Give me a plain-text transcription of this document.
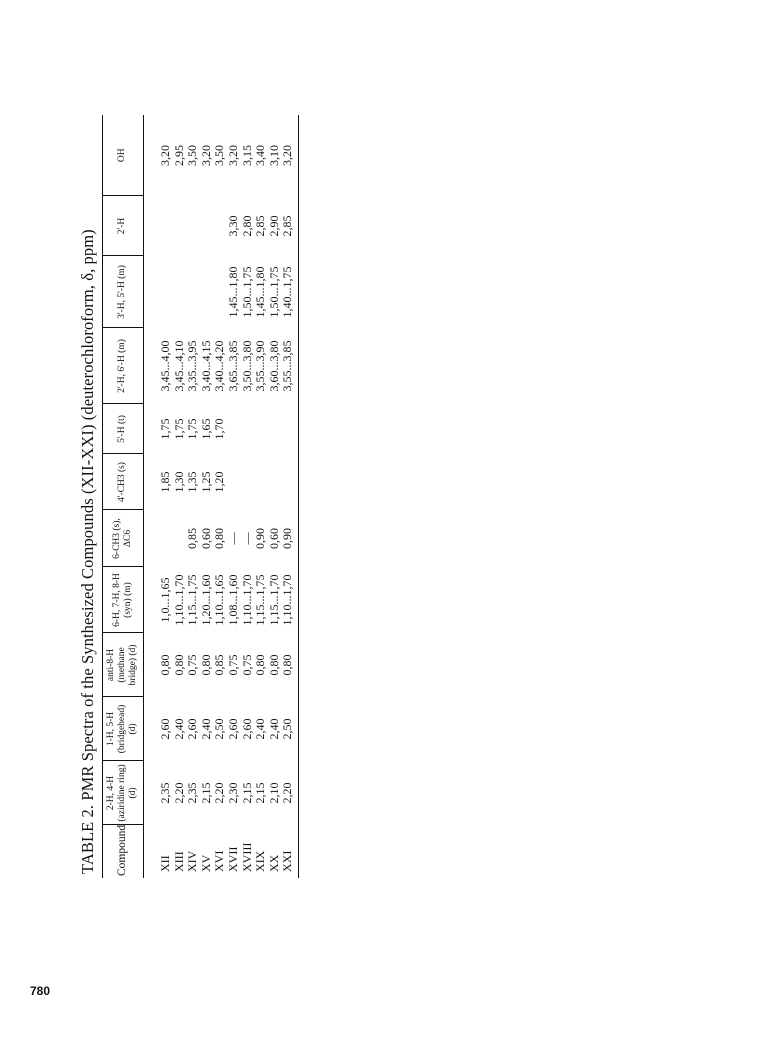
TABLE 2. PMR Spectra of the Synthesized Compounds (XII-XXI) (deuterochloroform, δ, ppm) Compound	2-H, 4-H (aziridine ring) (d)	1-H, 5-H (bridgehead) (d)	anti-8-H (methane bridge) (d)	6-H, 7-H, 8-H (syn) (m)	6-CH3 (s), ΔC6	4'-CH3 (s)	5'-H (t)	2'-H, 6'-H (m)	3'-H, 5'-H (m)	2'-H	OH
XII	2,35	2,60	0,80	1,0...1,65		1,85	1,75	3,45...4,00			3,20
XIII	2,20	2,40	0,80	1,10...1,70		1,30	1,75	3,45...4,10			2,95
XIV	2,35	2,60	0,75	1,15...1,75	0,85	1,35	1,75	3,35...3,95			3,50
XV	2,15	2,40	0,80	1,20...1,60	0,60	1,25	1,65	3,40...4,15			3,20
XVI	2,20	2,50	0,85	1,10...1,65	0,80	1,20	1,70	3,40...4,20			3,50
XVII	2,30	2,60	0,75	1,08...1,60	—			3,65...3,85	1,45...1,80	3,30	3,20
XVIII	2,15	2,60	0,75	1,10...1,70	—			3,50...3,80	1,50...1,75	2,80	3,15
XIX	2,15	2,40	0,80	1,15...1,75	0,90			3,55...3,90	1,45...1,80	2,85	3,40
XX	2,10	2,40	0,80	1,15...1,70	0,60			3,60...3,80	1,50...1,75	2,90	3,10
XXI	2,20	2,50	0,80	1,10...1,70	0,90			3,55...3,85	1,40...1,75	2,85	3,20
780
